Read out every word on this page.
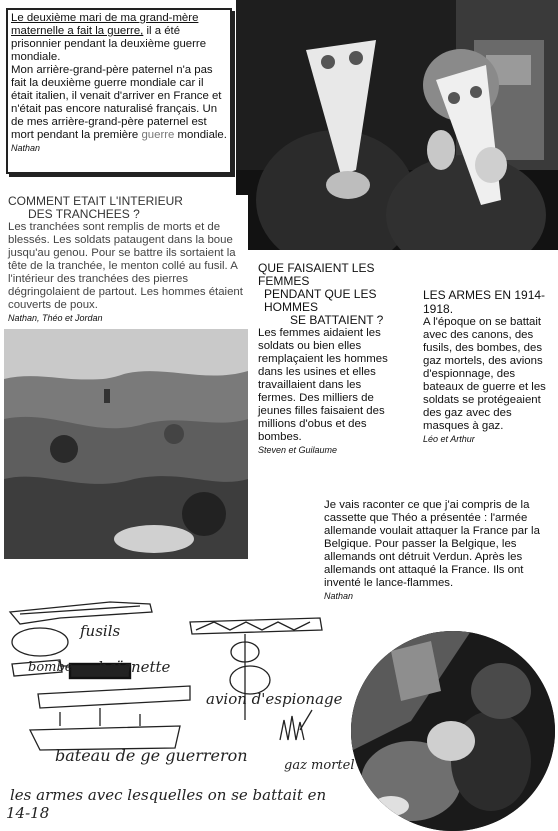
Le deuxième mari de ma grand-mère maternelle a fait la guerre, il a été prisonnier pendant la deuxième guerre mondiale.
Mon arrière-grand-père paternel n'a pas fait la deuxième guerre mondiale car il était italien, il venait d'arriver en France et n'était pas encore naturalisé français. Un de mes arrière-grand-père paternel est mort pendant la première guerre mondiale.
Nathan
COMMENT ETAIT L'INTERIEUR
DES TRANCHEES ?
Les tranchées sont remplis de morts et de blessés. Les soldats pataugent dans la boue jusqu'au genou. Pour se battre ils sortaient la tête de la tranchée, le menton collé au fusil. A l'intérieur des tranchées des pierres dégringolaient de partout. Les hommes étaient couverts de poux.
Nathan, Théo et Jordan
QUE FAISAIENT LES FEMMES
PENDANT QUE LES HOMMES
SE BATTAIENT ?
Les femmes aidaient les soldats ou bien elles remplaçaient les hommes dans les usines et elles travaillaient dans les fermes. Des milliers de jeunes filles faisaient des millions d'obus et des bombes.
Steven et Guilaume
LES ARMES EN 1914-1918.
A l'époque on se battait avec des canons, des fusils, des bombes, des gaz mortels, des avions d'espionnage, des bateaux de guerre et les soldats se protégeaient des gaz avec des masques à gaz.
Léo et Arthur
Je vais raconter ce que j'ai compris de la cassette que Théo a présentée : l'armée allemande voulait attaquer la France par la Belgique. Pour passer la Belgique, les allemands ont détruit Verdun. Après les allemands ont attaqué la France. Ils ont inventé le lance-flammes.
Nathan
fusils
bombe baïgnette
avion d'espionage
bateau de ge guerreron
gaz mortel
les armes avec lesquelles on se battait en
14-18
